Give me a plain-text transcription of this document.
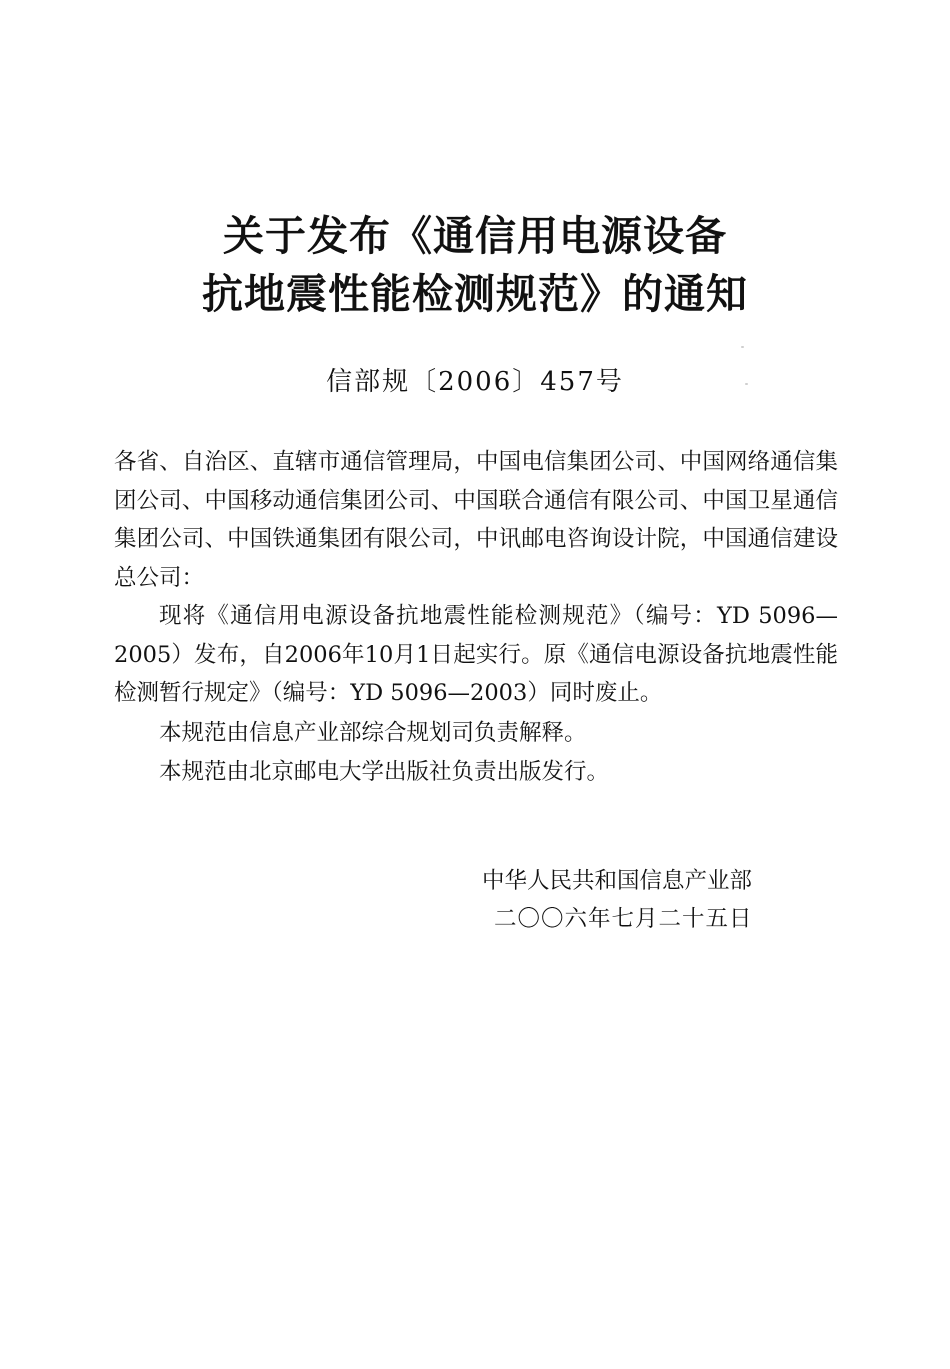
关于发布《通信用电源设备
抗地震性能检测规范》的通知
信部规〔2006〕457号
各省、自治区、直辖市通信管理局，中国电信集团公司、中国网络通信集团公司、中国移动通信集团公司、中国联合通信有限公司、中国卫星通信集团公司、中国铁通集团有限公司，中讯邮电咨询设计院，中国通信建设总公司：
现将《通信用电源设备抗地震性能检测规范》（编号：YD 5096—2005）发布，自2006年10月1日起实行。原《通信电源设备抗地震性能检测暂行规定》（编号：YD 5096—2003）同时废止。
本规范由信息产业部综合规划司负责解释。
本规范由北京邮电大学出版社负责出版发行。
中华人民共和国信息产业部
二〇〇六年七月二十五日
